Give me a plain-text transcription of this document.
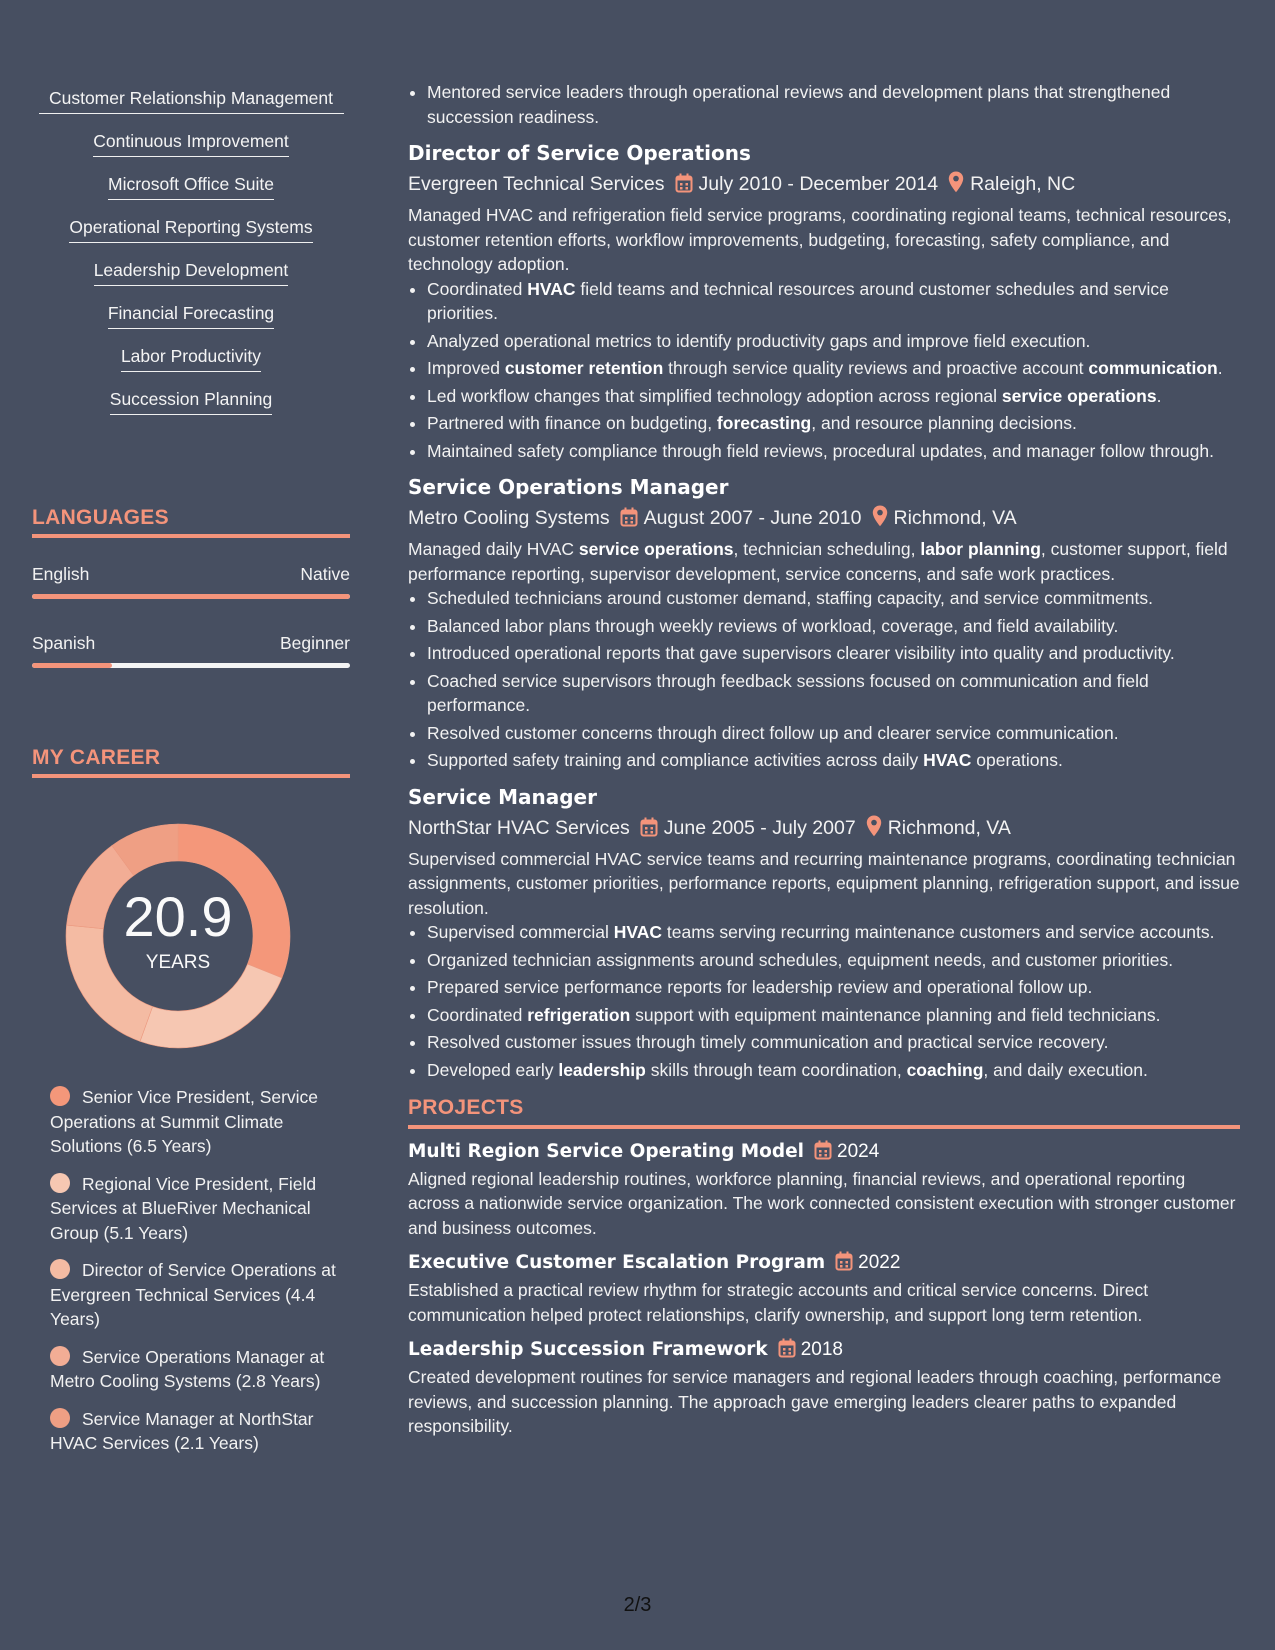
Customer Relationship Management
Continuous Improvement
Microsoft Office Suite
Operational Reporting Systems
Leadership Development
Financial Forecasting
Labor Productivity
Succession Planning
LANGUAGES
English	Native
Spanish	Beginner
MY CAREER
20.9
YEARS
Senior Vice President, Service Operations at Summit Climate Solutions (6.5 Years)
Regional Vice President, Field Services at BlueRiver Mechanical Group (5.1 Years)
Director of Service Operations at Evergreen Technical Services (4.4 Years)
Service Operations Manager at Metro Cooling Systems (2.8 Years)
Service Manager at NorthStar HVAC Services (2.1 Years)
• Mentored service leaders through operational reviews and development plans that strengthened succession readiness.
Director of Service Operations
Evergreen Technical Services July 2010 - December 2014 Raleigh, NC

Managed HVAC and refrigeration field service programs, coordinating regional teams, technical resources, customer retention efforts, workflow improvements, budgeting, forecasting, safety compliance, and technology adoption.

• Coordinated HVAC field teams and technical resources around customer schedules and service priorities.
• Analyzed operational metrics to identify productivity gaps and improve field execution.
• Improved customer retention through service quality reviews and proactive account communication.
• Led workflow changes that simplified technology adoption across regional service operations.
• Partnered with finance on budgeting, forecasting, and resource planning decisions.
• Maintained safety compliance through field reviews, procedural updates, and manager follow through.
Service Operations Manager
Metro Cooling Systems August 2007 - June 2010 Richmond, VA

Managed daily HVAC service operations, technician scheduling, labor planning, customer support, field performance reporting, supervisor development, service concerns, and safe work practices.

• Scheduled technicians around customer demand, staffing capacity, and service commitments.
• Balanced labor plans through weekly reviews of workload, coverage, and field availability.
• Introduced operational reports that gave supervisors clearer visibility into quality and productivity.
• Coached service supervisors through feedback sessions focused on communication and field performance.
• Resolved customer concerns through direct follow up and clearer service communication.
• Supported safety training and compliance activities across daily HVAC operations.
Service Manager
NorthStar HVAC Services June 2005 - July 2007 Richmond, VA

Supervised commercial HVAC service teams and recurring maintenance programs, coordinating technician assignments, customer priorities, performance reports, equipment planning, refrigeration support, and issue resolution.

• Supervised commercial HVAC teams serving recurring maintenance customers and service accounts.
• Organized technician assignments around schedules, equipment needs, and customer priorities.
• Prepared service performance reports for leadership review and operational follow up.
• Coordinated refrigeration support with equipment maintenance planning and field technicians.
• Resolved customer issues through timely communication and practical service recovery.
• Developed early leadership skills through team coordination, coaching, and daily execution.
PROJECTS
Multi Region Service Operating Model 2024

Aligned regional leadership routines, workforce planning, financial reviews, and operational reporting across a nationwide service organization. The work connected consistent execution with stronger customer and business outcomes.

Executive Customer Escalation Program 2022

Established a practical review rhythm for strategic accounts and critical service concerns. Direct communication helped protect relationships, clarify ownership, and support long term retention.

Leadership Succession Framework 2018

Created development routines for service managers and regional leaders through coaching, performance reviews, and succession planning. The approach gave emerging leaders clearer paths to expanded responsibility.

2/3
